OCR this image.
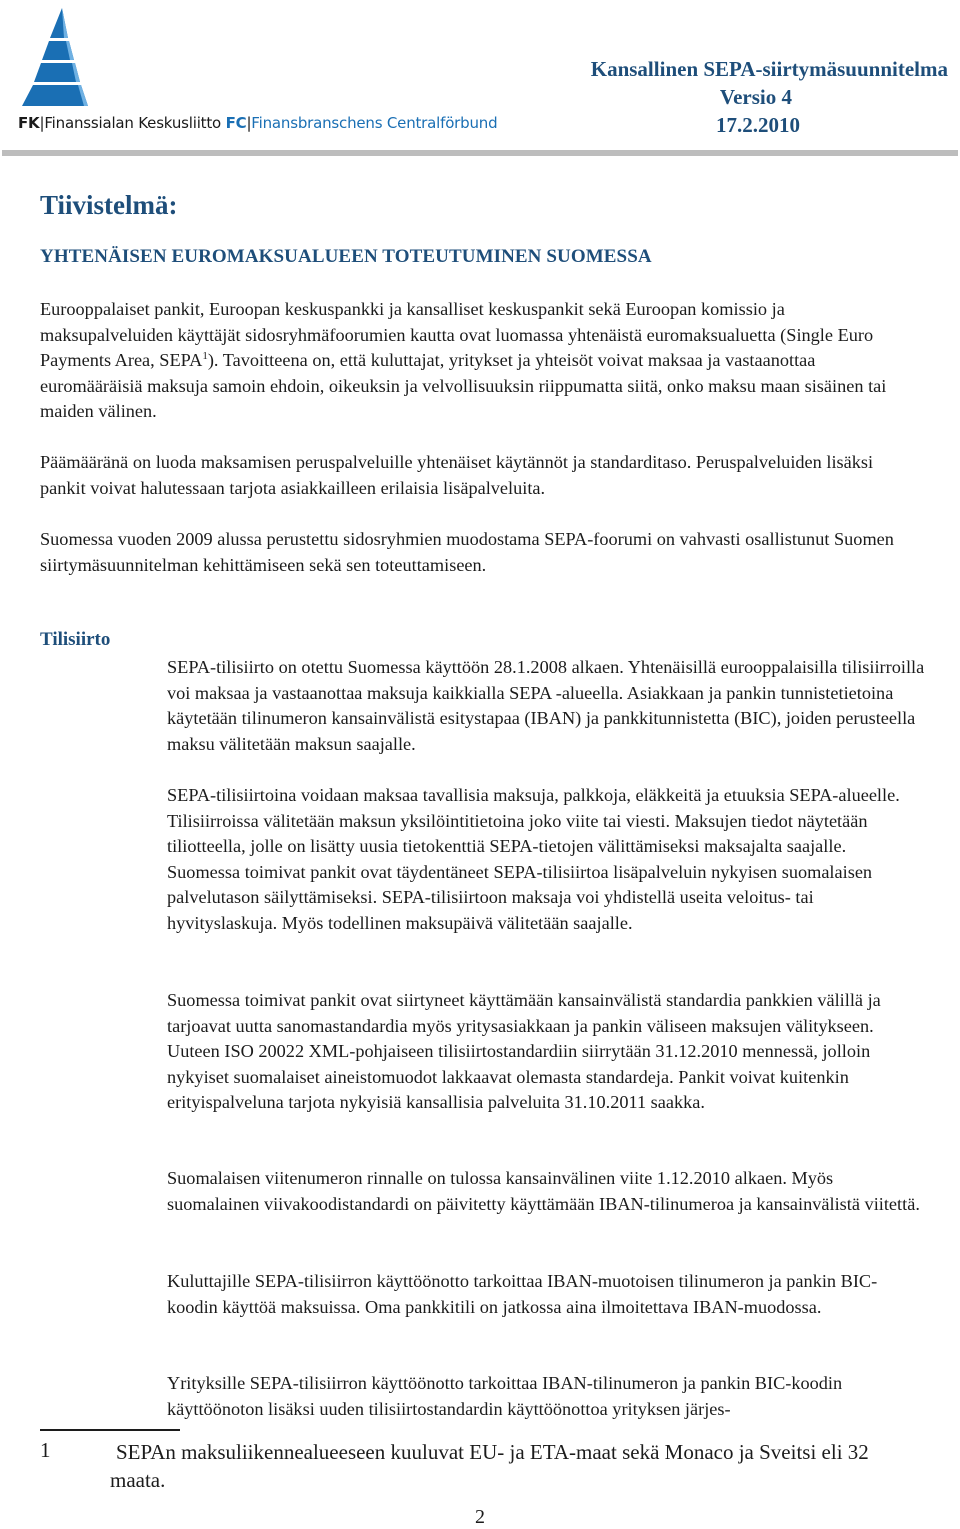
FK|Finanssialan Keskusliitto FC|Finansbranschens Centralförbund
Kansallinen SEPA-siirtymäsuunnitelma
Versio 4
17.2.2010
Tiivistelmä:
YHTENÄISEN EUROMAKSUALUEEN TOTEUTUMINEN SUOMESSA

Eurooppalaiset pankit, Euroopan keskuspankki ja kansalliset keskuspankit sekä Euroopan komissio ja maksupalveluiden käyttäjät sidosryhmäfoorumien kautta ovat luomassa yhtenäistä euromaksualuetta (Single Euro Payments Area, SEPA$^1$). Tavoitteena on, että kuluttajat, yritykset ja yhteisöt voivat maksaa ja vastaanottaa euromääräisiä maksuja samoin ehdoin, oikeuksin ja velvollisuuksin riippumatta siitä, onko maksu maan sisäinen tai maiden välinen.

Päämääränä on luoda maksamisen peruspalveluille yhtenäiset käytännöt ja standarditaso. Peruspalveluiden lisäksi pankit voivat halutessaan tarjota asiakkailleen erilaisia lisäpalveluita.

Suomessa vuoden 2009 alussa perustettu sidosryhmien muodostama SEPA-foorumi on vahvasti osallistunut Suomen siirtymäsuunnitelman kehittämiseen sekä sen toteuttamiseen.

Tilisiirto

SEPA-tilisiirto on otettu Suomessa käyttöön 28.1.2008 alkaen. Yhtenäisillä eurooppalaisilla tilisiirroilla voi maksaa ja vastaanottaa maksuja kaikkialla SEPA -alueella. Asiakkaan ja pankin tunnistetietoina käytetään tilinumeron kansainvälistä esitystapaa (IBAN) ja pankkitunnistetta (BIC), joiden perusteella maksu välitetään maksun saajalle.

SEPA-tilisiirtoina voidaan maksaa tavallisia maksuja, palkkoja, eläkkeitä ja etuuksia SEPA-alueelle. Tilisiirroissa välitetään maksun yksilöintitietoina joko viite tai viesti. Maksujen tiedot näytetään tiliotteella, jolle on lisätty uusia tietokenttiä SEPA-tietojen välittämiseksi maksajalta saajalle.
Suomessa toimivat pankit ovat täydentäneet SEPA-tilisiirtoa lisäpalveluin nykyisen suomalaisen palvelutason säilyttämiseksi. SEPA-tilisiirtoon maksaja voi yhdistellä useita veloitus- tai hyvityslaskuja. Myös todellinen maksupäivä välitetään saajalle.

Suomessa toimivat pankit ovat siirtyneet käyttämään kansainvälistä standardia pankkien välillä ja tarjoavat uutta sanomastandardia myös yritysasiakkaan ja pankin väliseen maksujen välitykseen. Uuteen ISO 20022 XML-pohjaiseen tilisiirtostandardiin siirrytään 31.12.2010 mennessä, jolloin nykyiset suomalaiset aineistomuodot lakkaavat olemasta standardeja. Pankit voivat kuitenkin erityispalveluna tarjota nykyisiä kansallisia palveluita 31.10.2011 saakka.

Suomalaisen viitenumeron rinnalle on tulossa kansainvälinen viite 1.12.2010 alkaen. Myös suomalainen viivakoodistandardi on päivitetty käyttämään IBAN-tilinumeroa ja kansainvälistä viitettä.

Kuluttajille SEPA-tilisiirron käyttöönotto tarkoittaa IBAN-muotoisen tilinumeron ja pankin BIC-koodin käyttöä maksuissa. Oma pankkitili on jatkossa aina ilmoitettava IBAN-muodossa.

Yrityksille SEPA-tilisiirron käyttöönotto tarkoittaa IBAN-tilinumeron ja pankin BIC-koodin käyttöönoton lisäksi uuden tilisiirtostandardin käyttöönottoa yrityksen järjes-

1	SEPAn maksuliikennealueeseen kuuluvat EU- ja ETA-maat sekä Monaco ja Sveitsi eli 32 maata.

2
